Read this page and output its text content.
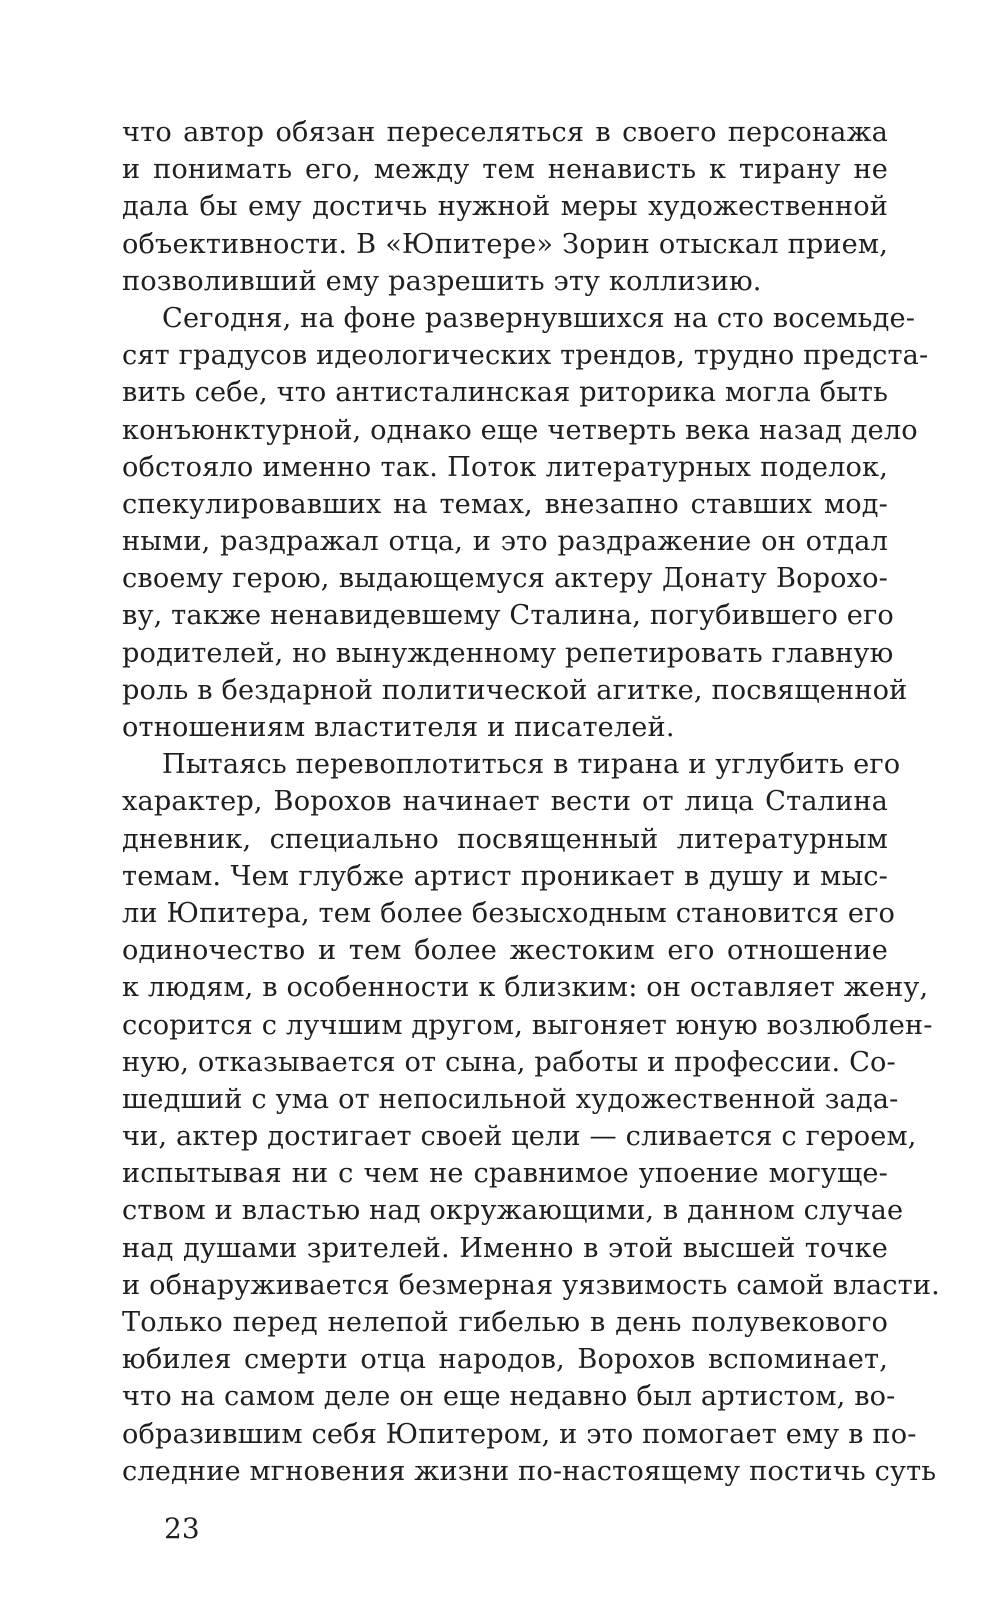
что автор обязан переселяться в своего персонажа
и понимать его, между тем ненависть к тирану не
дала бы ему достичь нужной меры художественной
объективности. В «Юпитере» Зорин отыскал прием,
позволивший ему разрешить эту коллизию.
Сегодня, на фоне развернувшихся на сто восемьде-
сят градусов идеологических трендов, трудно предста-
вить себе, что антисталинская риторика могла быть
конъюнктурной, однако еще четверть века назад дело
обстояло именно так. Поток литературных поделок,
спекулировавших на темах, внезапно ставших мод-
ными, раздражал отца, и это раздражение он отдал
своему герою, выдающемуся актеру Донату Ворохо-
ву, также ненавидевшему Сталина, погубившего его
родителей, но вынужденному репетировать главную
роль в бездарной политической агитке, посвященной
отношениям властителя и писателей.
Пытаясь перевоплотиться в тирана и углубить его
характер, Ворохов начинает вести от лица Сталина
дневник, специально посвященный литературным
темам. Чем глубже артист проникает в душу и мыс-
ли Юпитера, тем более безысходным становится его
одиночество и тем более жестоким его отношение
к людям, в особенности к близким: он оставляет жену,
ссорится с лучшим другом, выгоняет юную возлюблен-
ную, отказывается от сына, работы и профессии. Со-
шедший с ума от непосильной художественной зада-
чи, актер достигает своей цели — сливается с героем,
испытывая ни с чем не сравнимое упоение могуще-
ством и властью над окружающими, в данном случае
над душами зрителей. Именно в этой высшей точке
и обнаруживается безмерная уязвимость самой власти.
Только перед нелепой гибелью в день полувекового
юбилея смерти отца народов, Ворохов вспоминает,
что на самом деле он еще недавно был артистом, во-
образившим себя Юпитером, и это помогает ему в по-
следние мгновения жизни по-настоящему постичь суть
23
